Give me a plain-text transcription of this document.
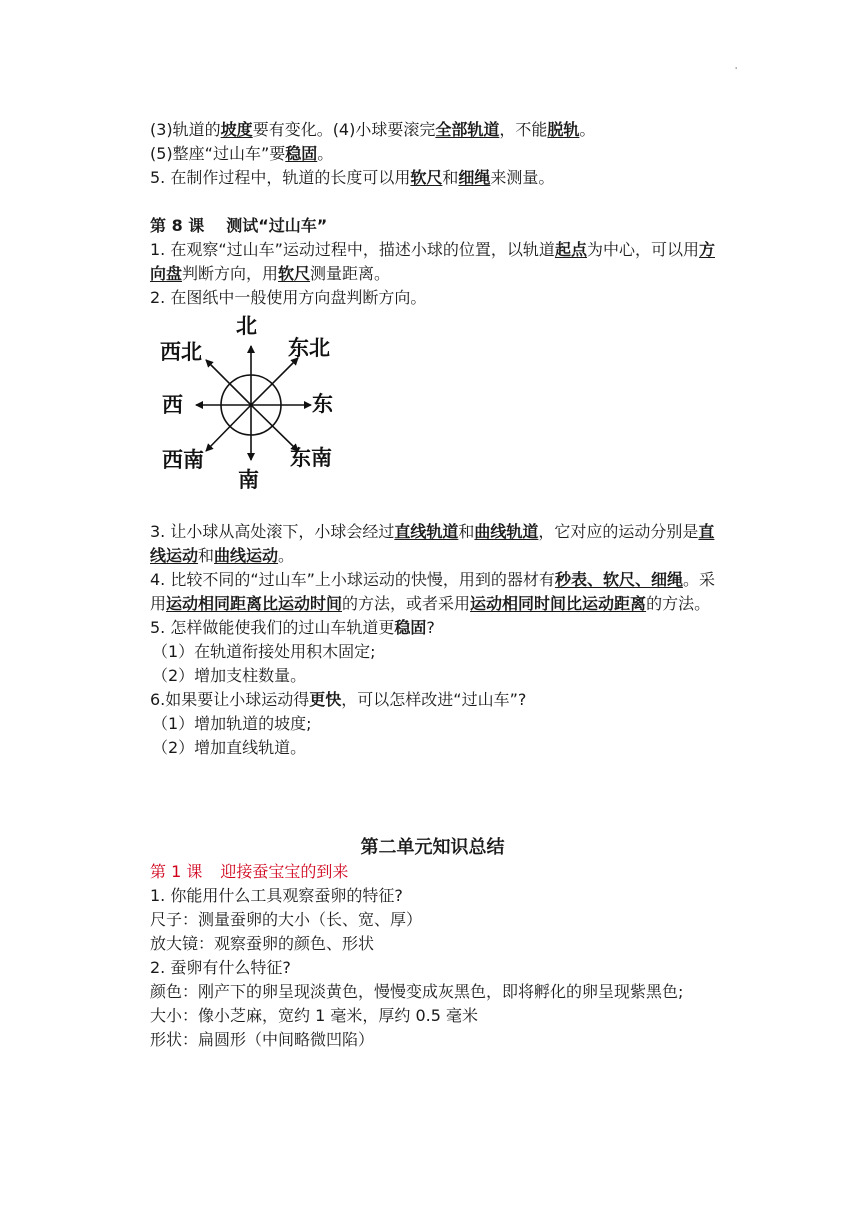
'

(3)轨道的坡度要有变化。(4)小球要滚完全部轨道，不能脱轨。

(5)整座“过山车”要稳固。

5. 在制作过程中，轨道的长度可以用软尺和细绳来测量。

第 8 课 测试“过山车”

1. 在观察“过山车”运动过程中，描述小球的位置，以轨道起点为中心，可以用方向盘判断方向，用软尺测量距离。

2. 在图纸中一般使用方向盘判断方向。

北
东北
东
东南
南
西南
西
西北

3. 让小球从高处滚下，小球会经过直线轨道和曲线轨道，它对应的运动分别是直线运动和曲线运动。

4. 比较不同的“过山车”上小球运动的快慢，用到的器材有秒表、软尺、细绳。采用运动相同距离比运动时间的方法，或者采用运动相同时间比运动距离的方法。

5. 怎样做能使我们的过山车轨道更稳固?

（1）在轨道衔接处用积木固定;

（2）增加支柱数量。

6.如果要让小球运动得更快，可以怎样改进“过山车”?

（1）增加轨道的坡度;

（2）增加直线轨道。

第二单元知识总结

第 1 课 迎接蚕宝宝的到来

1. 你能用什么工具观察蚕卵的特征?

尺子：测量蚕卵的大小（长、宽、厚）

放大镜：观察蚕卵的颜色、形状

2. 蚕卵有什么特征?

颜色：刚产下的卵呈现淡黄色，慢慢变成灰黑色，即将孵化的卵呈现紫黑色;

大小：像小芝麻，宽约 1 毫米，厚约 0.5 毫米

形状：扁圆形（中间略微凹陷）
